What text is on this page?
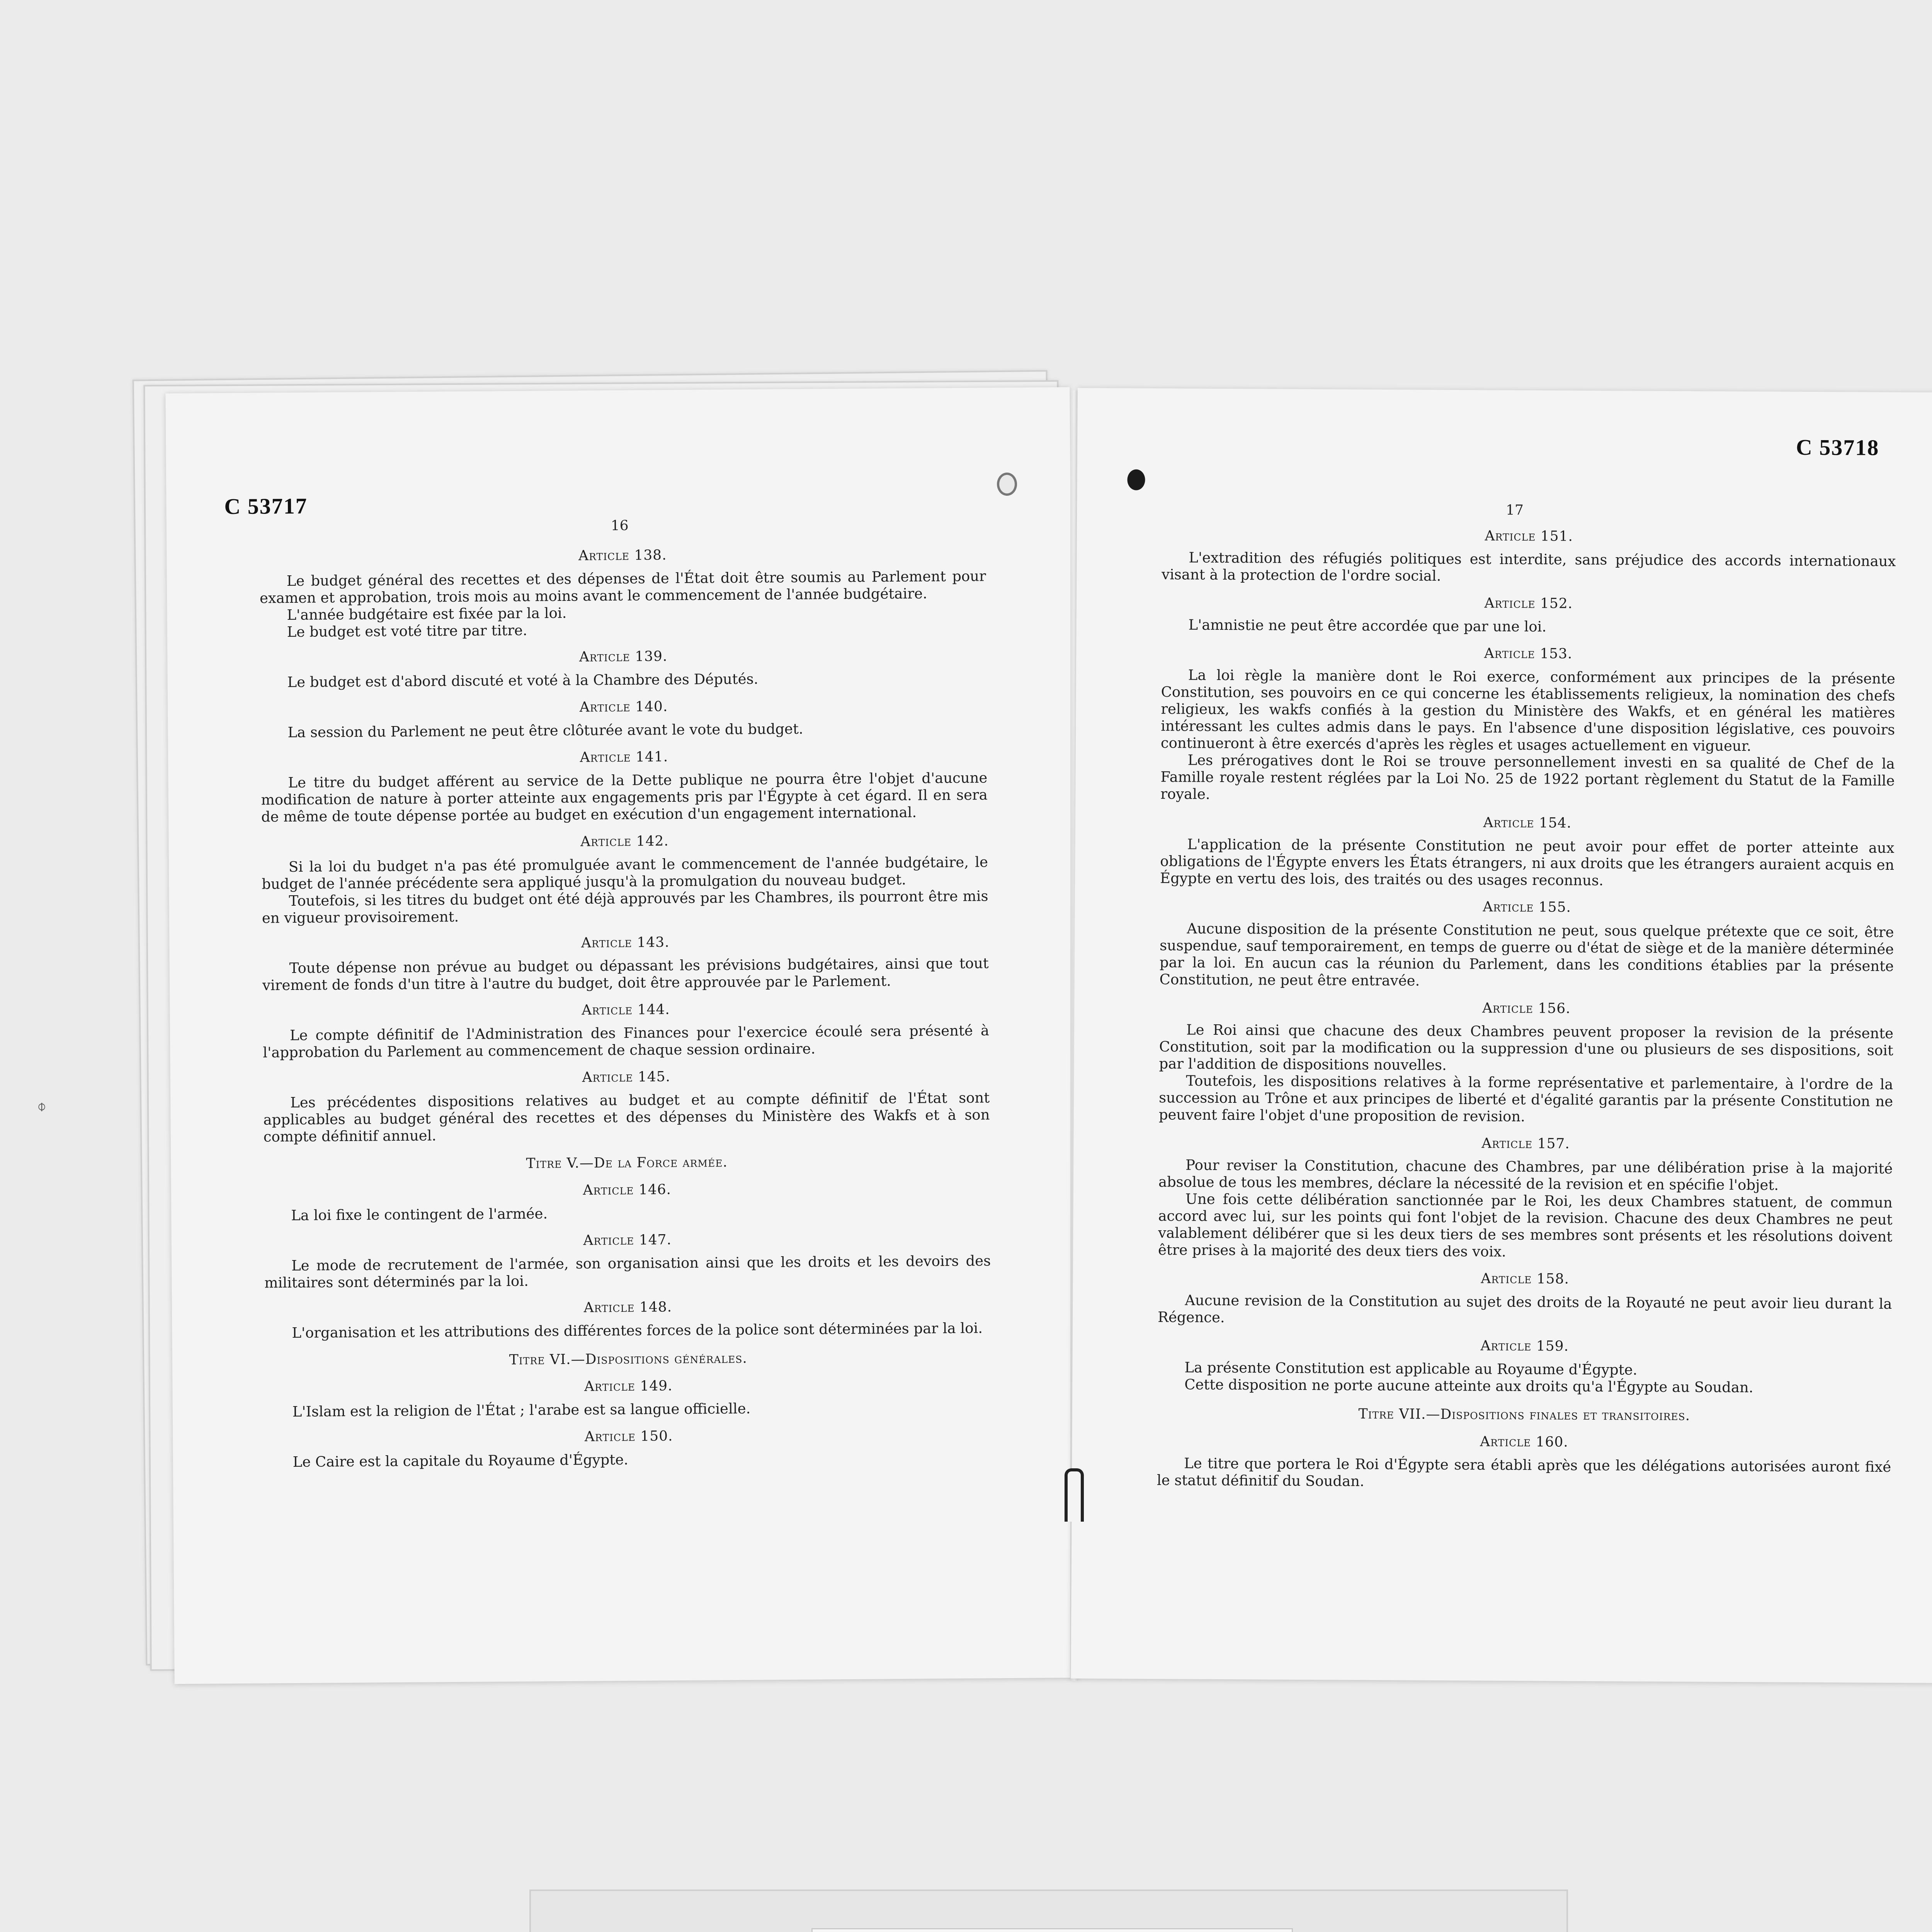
C 53717
16
Article 138.
Le budget général des recettes et des dépenses de l'État doit être soumis au Parlement pour examen et approbation, trois mois au moins avant le commencement de l'année budgétaire.
L'année budgétaire est fixée par la loi.
Le budget est voté titre par titre.
Article 139.
Le budget est d'abord discuté et voté à la Chambre des Députés.
Article 140.
La session du Parlement ne peut être clôturée avant le vote du budget.
Article 141.
Le titre du budget afférent au service de la Dette publique ne pourra être l'objet d'aucune modification de nature à porter atteinte aux engagements pris par l'Égypte à cet égard. Il en sera de même de toute dépense portée au budget en exécution d'un engagement international.
Article 142.
Si la loi du budget n'a pas été promulguée avant le commencement de l'année budgétaire, le budget de l'année précédente sera appliqué jusqu'à la promulgation du nouveau budget.
Toutefois, si les titres du budget ont été déjà approuvés par les Chambres, ils pourront être mis en vigueur provisoirement.
Article 143.
Toute dépense non prévue au budget ou dépassant les prévisions budgétaires, ainsi que tout virement de fonds d'un titre à l'autre du budget, doit être approuvée par le Parlement.
Article 144.
Le compte définitif de l'Administration des Finances pour l'exercice écoulé sera présenté à l'approbation du Parlement au commencement de chaque session ordinaire.
Article 145.
Les précédentes dispositions relatives au budget et au compte définitif de l'État sont applicables au budget général des recettes et des dépenses du Ministère des Wakfs et à son compte définitif annuel.
Titre V.—De la Force armée.
Article 146.
La loi fixe le contingent de l'armée.
Article 147.
Le mode de recrutement de l'armée, son organisation ainsi que les droits et les devoirs des militaires sont déterminés par la loi.
Article 148.
L'organisation et les attributions des différentes forces de la police sont déterminées par la loi.
Titre VI.—Dispositions générales.
Article 149.
L'Islam est la religion de l'État ; l'arabe est sa langue officielle.
Article 150.
Le Caire est la capitale du Royaume d'Égypte.
C 53718
17
Article 151.
L'extradition des réfugiés politiques est interdite, sans préjudice des accords internationaux visant à la protection de l'ordre social.
Article 152.
L'amnistie ne peut être accordée que par une loi.
Article 153.
La loi règle la manière dont le Roi exerce, conformément aux principes de la présente Constitution, ses pouvoirs en ce qui concerne les établissements religieux, la nomination des chefs religieux, les wakfs confiés à la gestion du Ministère des Wakfs, et en général les matières intéressant les cultes admis dans le pays. En l'absence d'une disposition législative, ces pouvoirs continueront à être exercés d'après les règles et usages actuellement en vigueur.
Les prérogatives dont le Roi se trouve personnellement investi en sa qualité de Chef de la Famille royale restent réglées par la Loi No. 25 de 1922 portant règlement du Statut de la Famille royale.
Article 154.
L'application de la présente Constitution ne peut avoir pour effet de porter atteinte aux obligations de l'Égypte envers les États étrangers, ni aux droits que les étrangers auraient acquis en Égypte en vertu des lois, des traités ou des usages reconnus.
Article 155.
Aucune disposition de la présente Constitution ne peut, sous quelque prétexte que ce soit, être suspendue, sauf temporairement, en temps de guerre ou d'état de siège et de la manière déterminée par la loi. En aucun cas la réunion du Parlement, dans les conditions établies par la présente Constitution, ne peut être entravée.
Article 156.
Le Roi ainsi que chacune des deux Chambres peuvent proposer la revision de la présente Constitution, soit par la modification ou la suppression d'une ou plusieurs de ses dispositions, soit par l'addition de dispositions nouvelles.
Toutefois, les dispositions relatives à la forme représentative et parlementaire, à l'ordre de la succession au Trône et aux principes de liberté et d'égalité garantis par la présente Constitution ne peuvent faire l'objet d'une proposition de revision.
Article 157.
Pour reviser la Constitution, chacune des Chambres, par une délibération prise à la majorité absolue de tous les membres, déclare la nécessité de la revision et en spécifie l'objet.
Une fois cette délibération sanctionnée par le Roi, les deux Chambres statuent, de commun accord avec lui, sur les points qui font l'objet de la revision. Chacune des deux Chambres ne peut valablement délibérer que si les deux tiers de ses membres sont présents et les résolutions doivent être prises à la majorité des deux tiers des voix.
Article 158.
Aucune revision de la Constitution au sujet des droits de la Royauté ne peut avoir lieu durant la Régence.
Article 159.
La présente Constitution est applicable au Royaume d'Égypte.
Cette disposition ne porte aucune atteinte aux droits qu'a l'Égypte au Soudan.
Titre VII.—Dispositions finales et transitoires.
Article 160.
Le titre que portera le Roi d'Égypte sera établi après que les délégations autorisées auront fixé le statut définitif du Soudan.
⌽
